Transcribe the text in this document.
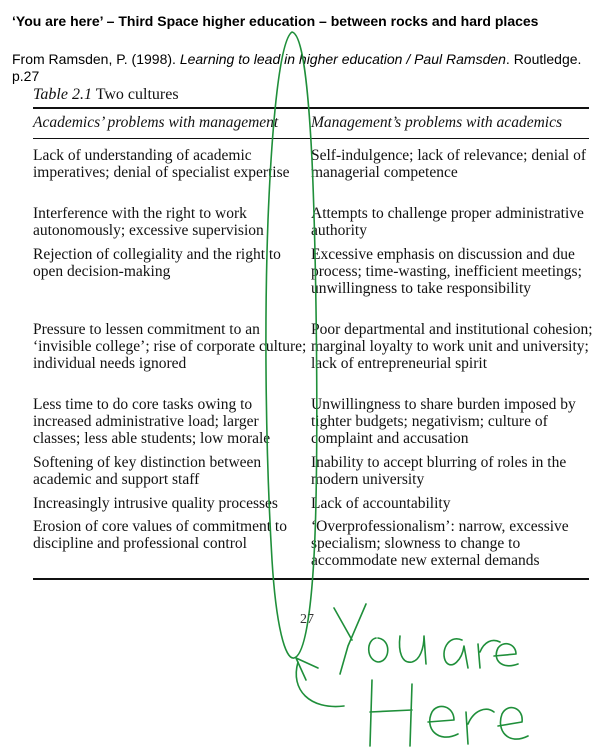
‘You are here’ – Third Space higher education – between rocks and hard places
From Ramsden, P. (1998). Learning to lead in higher education / Paul Ramsden. Routledge. p.27
Table 2.1 Two cultures
Academics’ problems with management Management’s problems with academics
Lack of understanding of academic imperatives; denial of specialist expertise
Self-indulgence; lack of relevance; denial of managerial competence
Interference with the right to work autonomously; excessive supervision
Attempts to challenge proper administrative authority
Rejection of collegiality and the right to open decision-making
Excessive emphasis on discussion and due process; time-wasting, inefficient meetings; unwillingness to take responsibility
Pressure to lessen commitment to an ‘invisible college’; rise of corporate culture; individual needs ignored
Poor departmental and institutional cohesion; marginal loyalty to work unit and university; lack of entrepreneurial spirit
Less time to do core tasks owing to increased administrative load; larger classes; less able students; low morale
Unwillingness to share burden imposed by tighter budgets; negativism; culture of complaint and accusation
Softening of key distinction between academic and support staff
Inability to accept blurring of roles in the modern university
Increasingly intrusive quality processes	Lack of accountability
Erosion of core values of commitment to discipline and professional control
‘Overprofessionalism’: narrow, excessive specialism; slowness to change to accommodate new external demands
27
